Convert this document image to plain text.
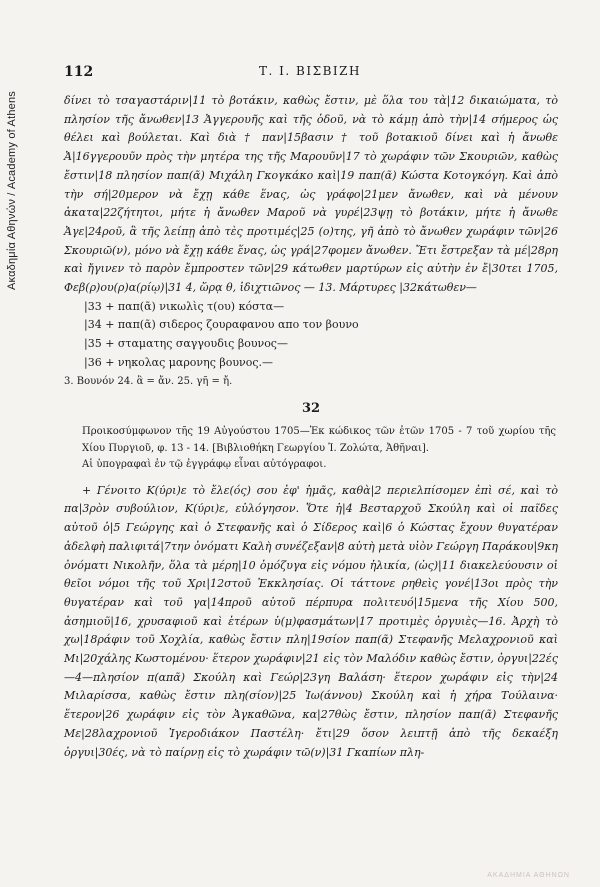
Ακαδημία Αθηνών / Academy of Athens
112	Τ. Ι. ΒΙΣΒΙΖΗ

δίνει τὸ τσαγαστάριν|11 τὸ βοτάκιν, καθὼς ἔστιν, μὲ ὅλα του τὰ|12 δικαιώματα, τὸ πλησίον τῆς ἄνωθεν|13 Ἀγγερουῆς καὶ τῆς ὁδοῦ, νὰ τὸ κάμῃ ἀπὸ τὴν|14 σήμερος ὡς θέλει καὶ βούλεται. Καὶ διὰ † παν|15βασιν † τοῦ βοτακιοῦ δίνει καὶ ἡ ἄνωθε Ἀ|16γγερουῦν πρὸς τὴν μητέρα της τῆς Μαρουῦν|17 τὸ χωράφιν τῶν Σκουριῶν, καθὼς ἔστιν|18 πλησίον παπ(ᾶ) Μιχάλη Γκογκάκο καὶ|19 παπ(ᾶ) Κώστα Κοτογκόγη. Καὶ ἀπὸ τὴν σή|20μερον νὰ ἔχῃ κάθε ἕνας, ὡς γράφο|21μεν ἄνωθεν, καὶ νὰ μένουν ἀκατα|22ζήτητοι, μήτε ἡ ἄνωθεν Μαροῦ νὰ γυρέ|23ψῃ τὸ βοτάκιν, μήτε ἡ ἄνωθε Ἀγε|24ροῦ, ἃ τῆς λείπῃ ἀπὸ τὲς προτιμές|25 (ο)της, γῆ ἀπὸ τὸ ἄνωθεν χωράφιν τῶν|26 Σκουριῶ(ν), μόνο νὰ ἔχῃ κάθε ἕνας, ὡς γρά|27φομεν ἄνωθεν. Ἔτι ἔστρεξαν τὰ μέ|28ρη καὶ ἤγινεν τὸ παρὸν ἔμπροστεν τῶν|29 κάτωθεν μαρτύρων εἰς αὐτὴν ἐν ἔ|30τει 1705, Φεβ(ρ)ου(ρ)α(ρίῳ)|31 4, ὥρᾳ θ, ἰδιχτιῶνος — 13. Μάρτυρες |32κάτωθεν—

|33 + παπ(ᾶ) νικωλὶς τ(ου) κόστα—
|34 + παπ(ᾶ) σιδερος ζουραφανου απο τον βουνο
|35 + σταματης σαγγουδις βουνος—
|36 + νηκολας μαρονης βουνος.—
3. Βουνόν 24. ἃ = ἄν. 25. γῆ = ἤ.
32

Προικοσύμφωνον τῆς 19 Αὐγούστου 1705—Ἐκ κώδικος τῶν ἐτῶν 1705 - 7 τοῦ χωρίου τῆς Χίου Πυργιοῦ, φ. 13 - 14. [Βιβλιοθήκη Γεωργίου Ἰ. Ζολώτα, Ἀθῆναι].

Αἱ ὑπογραφαὶ ἐν τῷ ἐγγράφῳ εἶναι αὐτόγραφοι.

+ Γένοιτο Κ(ύρι)ε τὸ ἔλε(ός) σου ἐφ' ἡμᾶς, καθὰ|2 περιελπίσομεν ἐπὶ σέ, καὶ τὸ πα|3ρὸν συβούλιον, Κ(ύρι)ε, εὐλόγησον. Ὅτε ἡ|4 Βεσταρχοῦ Σκούλη καὶ οἱ παῖδες αὐτοῦ ὁ|5 Γεώργης καὶ ὁ Στεφανῆς καὶ ὁ Σίδερος καὶ|6 ὁ Κώστας ἔχουν θυγατέραν ἀδελφὴ παλιφιτά|7την ὀνόματι Καλὴ συνέζεξαν|8 αὐτὴ μετὰ υἱὸν Γεώργη Παράκου|9κη ὀνόματι Νικολῆν, ὅλα τὰ μέρη|10 ὁμόζυγα εἰς νόμου ἡλικία, (ὡς)|11 διακελεύουσιν οἱ θεῖοι νόμοι τῆς τοῦ Χρι|12στοῦ Ἐκκλησίας. Οἱ τάττονε ρηθεὶς γονέ|13οι πρὸς τὴν θυγατέραν καὶ τοῦ γα|14προῦ αὐτοῦ πέρπυρα πολιτευό|15μενα τῆς Χίου 500, ἀσημιοῦ|16, χρυσαφιοῦ καὶ ἑτέρων ὑ(μ)φασμάτων|17 προτιμὲς ὀργυιὲς—16. Ἀρχὴ τὸ χω|18ράφιν τοῦ Χοχλία, καθὼς ἔστιν πλη|19σίον παπ(ᾶ) Στεφανῆς Μελαχρονιοῦ καὶ Μι|20χάλης Κωστομένου· ἕτερον χωράφιν|21 εἰς τὸν Μαλόδιν καθὼς ἔστιν, ὀργυι|22ές—4—πλησίον π(απᾶ) Σκούλη καὶ Γεώρ|23γη Βαλάση· ἕτερον χωράφιν εἰς τὴν|24 Μιλαρίσσα, καθὼς ἔστιν πλη(σίον)|25 Ἰω(άννου) Σκούλη καὶ ἡ χήρα Τούλαινα· ἕτερον|26 χωράφιν εἰς τὸν Ἀγκαθῶνα, κα|27θὼς ἔστιν, πλησίον παπ(ᾶ) Στεφανῆς Με|28λαχρονιοῦ Ἰγεροδιάκον Παστέλη· ἔτι|29 ὅσον λειπτῇ ἀπὸ τῆς δεκαέξη ὀργυι|30ές, νὰ τὸ παίρνῃ εἰς τὸ χωράφιν τῶ(ν)|31 Γκαπίων πλη-

ΑΚΑΔΗΜΙΑ ΑΘΗΝΩΝ
